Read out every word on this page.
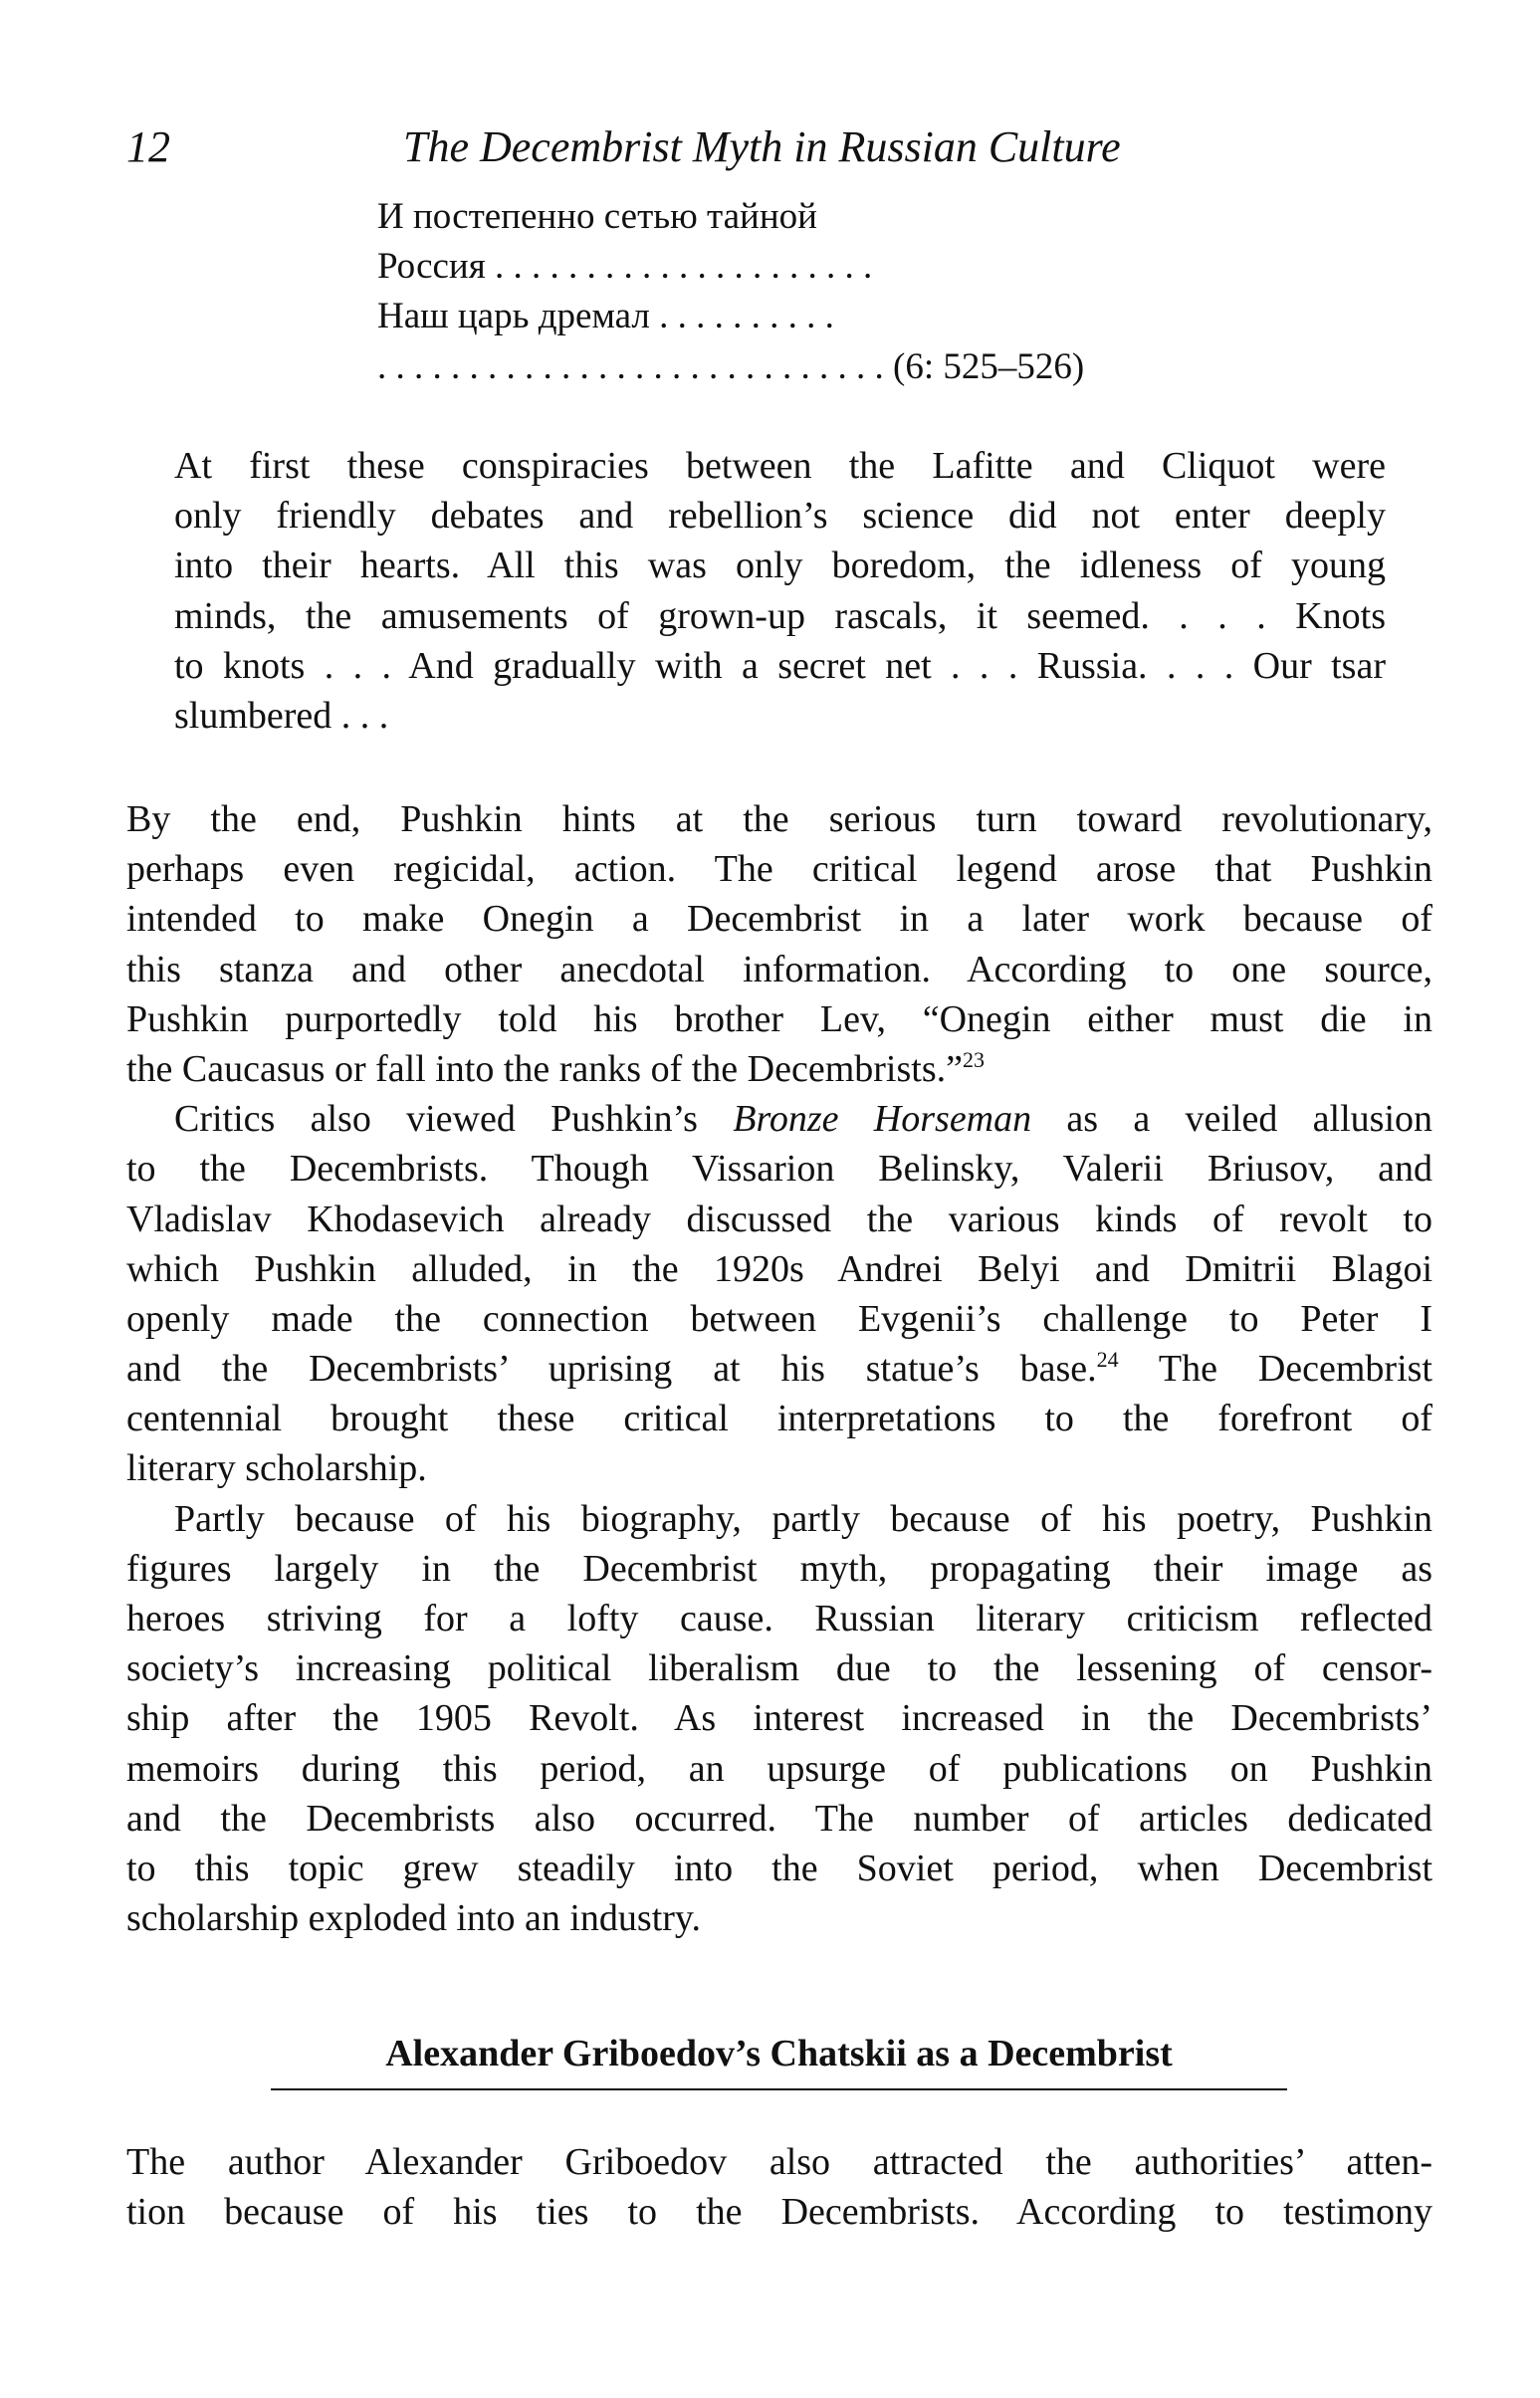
12	The Decembrist Myth in Russian Culture
И постепенно сетью тайной
Россия . . . . . . . . . . . . . . . . . . . . .
Наш царь дремал . . . . . . . . . .
. . . . . . . . . . . . . . . . . . . . . . . . . . . . (6: 525–526)
At first these conspiracies between the Lafitte and Cliquot were
only friendly debates and rebellion’s science did not enter deeply
into their hearts. All this was only boredom, the idleness of young
minds, the amusements of grown-up rascals, it seemed. . . . Knots
to knots . . . And gradually with a secret net . . . Russia. . . . Our tsar
slumbered . . .
By the end, Pushkin hints at the serious turn toward revolutionary,
perhaps even regicidal, action. The critical legend arose that Pushkin
intended to make Onegin a Decembrist in a later work because of
this stanza and other anecdotal information. According to one source,
Pushkin purportedly told his brother Lev, “Onegin either must die in
the Caucasus or fall into the ranks of the Decembrists.”$^{23}$
Critics also viewed Pushkin’s Bronze Horseman as a veiled allusion
to the Decembrists. Though Vissarion Belinsky, Valerii Briusov, and
Vladislav Khodasevich already discussed the various kinds of revolt to
which Pushkin alluded, in the 1920s Andrei Belyi and Dmitrii Blagoi
openly made the connection between Evgenii’s challenge to Peter I
and the Decembrists’ uprising at his statue’s base.$^{24}$ The Decembrist
centennial brought these critical interpretations to the forefront of
literary scholarship.
Partly because of his biography, partly because of his poetry, Pushkin
figures largely in the Decembrist myth, propagating their image as
heroes striving for a lofty cause. Russian literary criticism reflected
society’s increasing political liberalism due to the lessening of censor-
ship after the 1905 Revolt. As interest increased in the Decembrists’
memoirs during this period, an upsurge of publications on Pushkin
and the Decembrists also occurred. The number of articles dedicated
to this topic grew steadily into the Soviet period, when Decembrist
scholarship exploded into an industry.
Alexander Griboedov’s Chatskii as a Decembrist
The author Alexander Griboedov also attracted the authorities’ atten-
tion because of his ties to the Decembrists. According to testimony
